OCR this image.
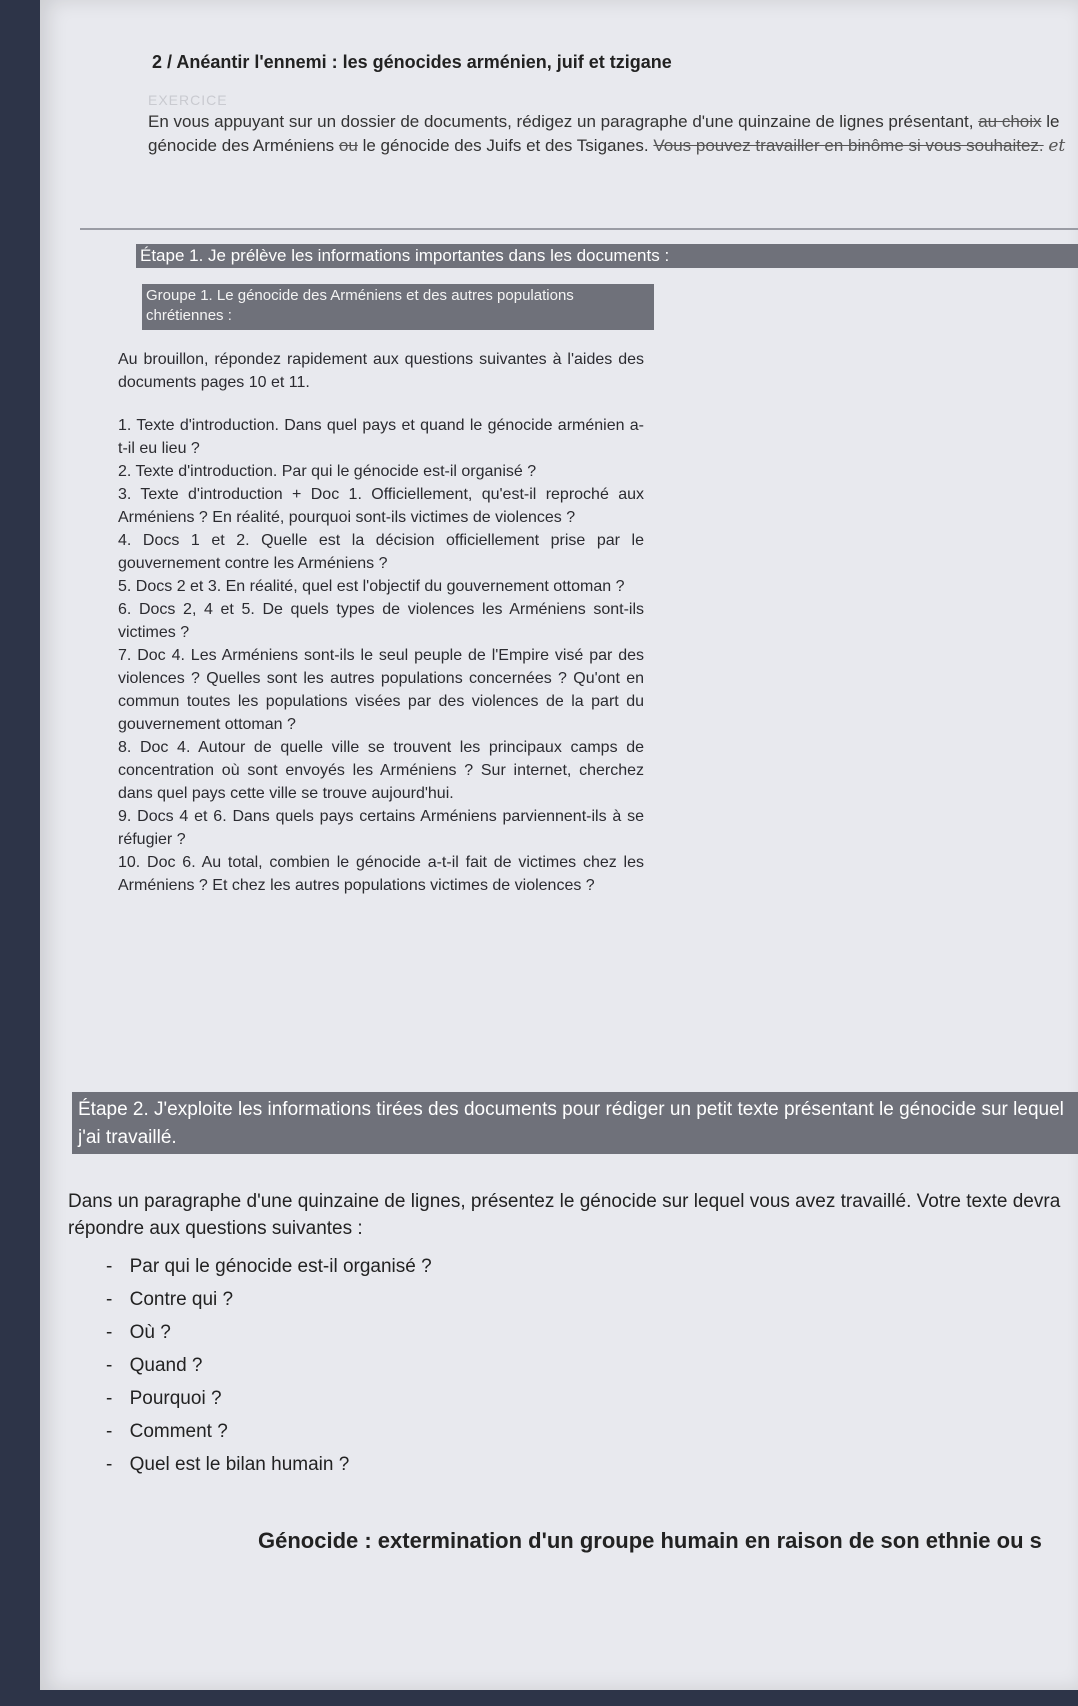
2 / Anéantir l'ennemi : les génocides arménien, juif et tzigane
EXERCICE
En vous appuyant sur un dossier de documents, rédigez un paragraphe d'une quinzaine de lignes présentant, au choix le génocide des Arméniens ou le génocide des Juifs et des Tsiganes. Vous pouvez travailler en binôme si vous souhaitez. et
Étape 1. Je prélève les informations importantes dans les documents :
Groupe 1. Le génocide des Arméniens et des autres populations chrétiennes :
Au brouillon, répondez rapidement aux questions suivantes à l'aides des documents pages 10 et 11.

1. Texte d'introduction. Dans quel pays et quand le génocide arménien a-t-il eu lieu ?

2. Texte d'introduction. Par qui le génocide est-il organisé ?

3. Texte d'introduction + Doc 1. Officiellement, qu'est-il reproché aux Arméniens ? En réalité, pourquoi sont-ils victimes de violences ?

4. Docs 1 et 2. Quelle est la décision officiellement prise par le gouvernement contre les Arméniens ?

5. Docs 2 et 3. En réalité, quel est l'objectif du gouvernement ottoman ?

6. Docs 2, 4 et 5. De quels types de violences les Arméniens sont-ils victimes ?

7. Doc 4. Les Arméniens sont-ils le seul peuple de l'Empire visé par des violences ? Quelles sont les autres populations concernées ? Qu'ont en commun toutes les populations visées par des violences de la part du gouvernement ottoman ?

8. Doc 4. Autour de quelle ville se trouvent les principaux camps de concentration où sont envoyés les Arméniens ? Sur internet, cherchez dans quel pays cette ville se trouve aujourd'hui.

9. Docs 4 et 6. Dans quels pays certains Arméniens parviennent-ils à se réfugier ?

10. Doc 6. Au total, combien le génocide a-t-il fait de victimes chez les Arméniens ? Et chez les autres populations victimes de violences ?

Étape 2. J'exploite les informations tirées des documents pour rédiger un petit texte présentant le génocide sur lequel j'ai travaillé.
Dans un paragraphe d'une quinzaine de lignes, présentez le génocide sur lequel vous avez travaillé. Votre texte devra répondre aux questions suivantes :
- Par qui le génocide est-il organisé ?
- Contre qui ?
- Où ?
- Quand ?
- Pourquoi ?
- Comment ?
- Quel est le bilan humain ?
Génocide : extermination d'un groupe humain en raison de son ethnie ou s
